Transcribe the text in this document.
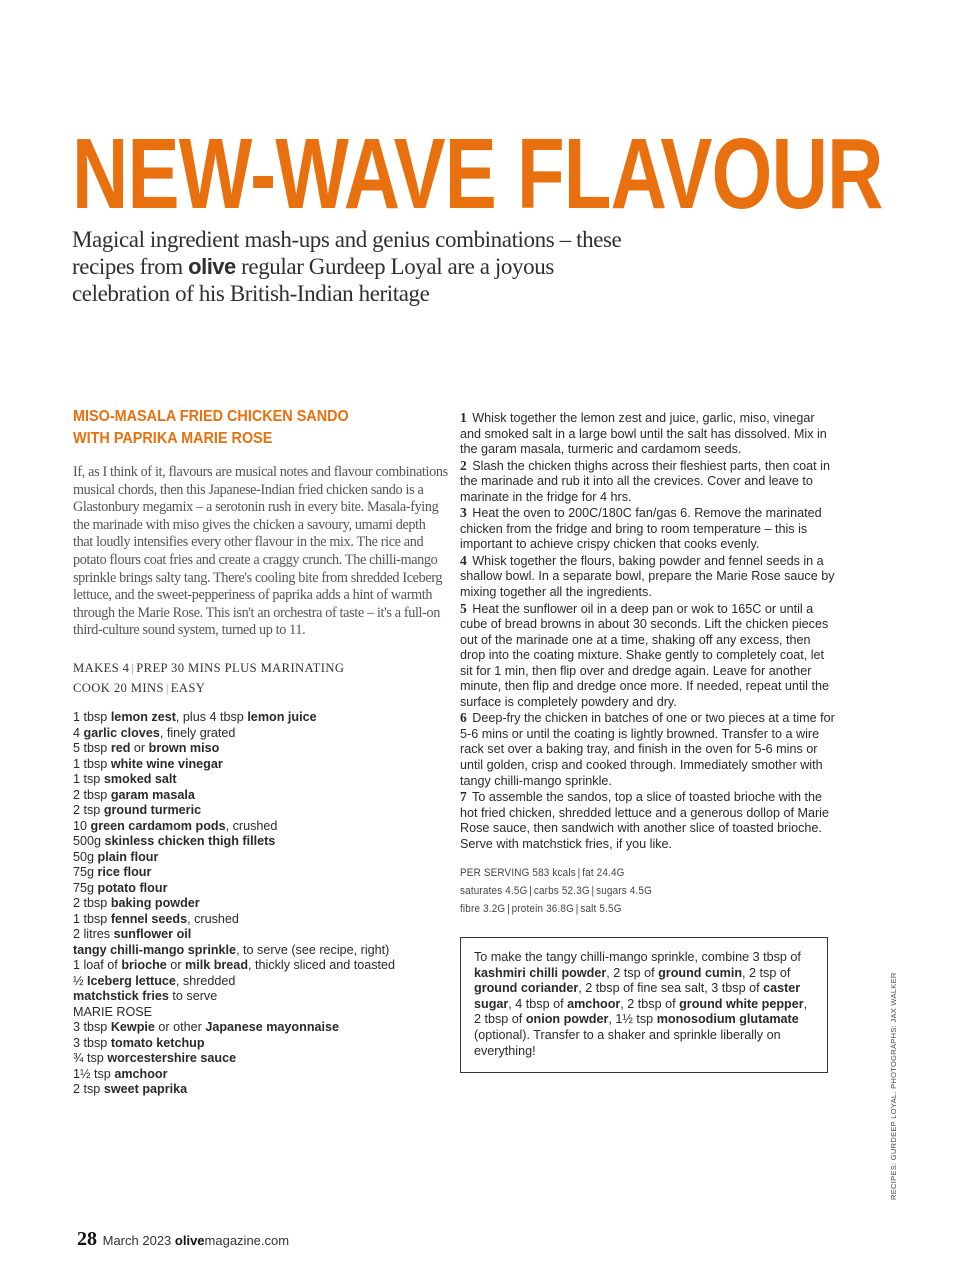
NEW-WAVE FLAVOUR

Magical ingredient mash-ups and genius combinations – these recipes from olive regular Gurdeep Loyal are a joyous celebration of his British-Indian heritage

MISO-MASALA FRIED CHICKEN SANDO
WITH PAPRIKA MARIE ROSE

If, as I think of it, flavours are musical notes and flavour combinations musical chords, then this Japanese-Indian fried chicken sando is a Glastonbury megamix – a serotonin rush in every bite. Masala-fying the marinade with miso gives the chicken a savoury, umami depth that loudly intensifies every other flavour in the mix. The rice and potato flours coat fries and create a craggy crunch. The chilli-mango sprinkle brings salty tang. There's cooling bite from shredded Iceberg lettuce, and the sweet-pepperiness of paprika adds a hint of warmth through the Marie Rose. This isn't an orchestra of taste – it's a full-on third-culture sound system, turned up to 11.

MAKES 4 | PREP 30 MINS PLUS MARINATING
COOK 20 MINS | EASY
1 tbsp lemon zest, plus 4 tbsp lemon juice
4 garlic cloves, finely grated
5 tbsp red or brown miso
1 tbsp white wine vinegar
1 tsp smoked salt
2 tbsp garam masala
2 tsp ground turmeric
10 green cardamom pods, crushed
500g skinless chicken thigh fillets
50g plain flour
75g rice flour
75g potato flour
2 tbsp baking powder
1 tbsp fennel seeds, crushed
2 litres sunflower oil
tangy chilli-mango sprinkle, to serve (see recipe, right)
1 loaf of brioche or milk bread, thickly sliced and toasted
½ Iceberg lettuce, shredded
matchstick fries to serve
MARIE ROSE
3 tbsp Kewpie or other Japanese mayonnaise
3 tbsp tomato ketchup
¾ tsp worcestershire sauce
1½ tsp amchoor
2 tsp sweet paprika

1 Whisk together the lemon zest and juice, garlic, miso, vinegar and smoked salt in a large bowl until the salt has dissolved. Mix in the garam masala, turmeric and cardamom seeds.

2 Slash the chicken thighs across their fleshiest parts, then coat in the marinade and rub it into all the crevices. Cover and leave to marinate in the fridge for 4 hrs.

3 Heat the oven to 200C/180C fan/gas 6. Remove the marinated chicken from the fridge and bring to room temperature – this is important to achieve crispy chicken that cooks evenly.

4 Whisk together the flours, baking powder and fennel seeds in a shallow bowl. In a separate bowl, prepare the Marie Rose sauce by mixing together all the ingredients.

5 Heat the sunflower oil in a deep pan or wok to 165C or until a cube of bread browns in about 30 seconds. Lift the chicken pieces out of the marinade one at a time, shaking off any excess, then drop into the coating mixture. Shake gently to completely coat, let sit for 1 min, then flip over and dredge again. Leave for another minute, then flip and dredge once more. If needed, repeat until the surface is completely powdery and dry.

6 Deep-fry the chicken in batches of one or two pieces at a time for 5-6 mins or until the coating is lightly browned. Transfer to a wire rack set over a baking tray, and finish in the oven for 5-6 mins or until golden, crisp and cooked through. Immediately smother with tangy chilli-mango sprinkle.

7 To assemble the sandos, top a slice of toasted brioche with the hot fried chicken, shredded lettuce and a generous dollop of Marie Rose sauce, then sandwich with another slice of toasted brioche. Serve with matchstick fries, if you like.

PER SERVING 583 kcals | fat 24.4G
saturates 4.5G | carbs 52.3G | sugars 4.5G
fibre 3.2G | protein 36.8G | salt 5.5G
To make the tangy chilli-mango sprinkle, combine 3 tbsp of kashmiri chilli powder, 2 tsp of ground cumin, 2 tsp of ground coriander, 2 tbsp of fine sea salt, 3 tbsp of caster sugar, 4 tbsp of amchoor, 2 tbsp of ground white pepper, 2 tbsp of onion powder, 1½ tsp monosodium glutamate (optional). Transfer to a shaker and sprinkle liberally on everything!	RECIPES: GURDEEP LOYAL. PHOTOGRAPHS: JAX WALKER
28 March 2023 olivemagazine.com
